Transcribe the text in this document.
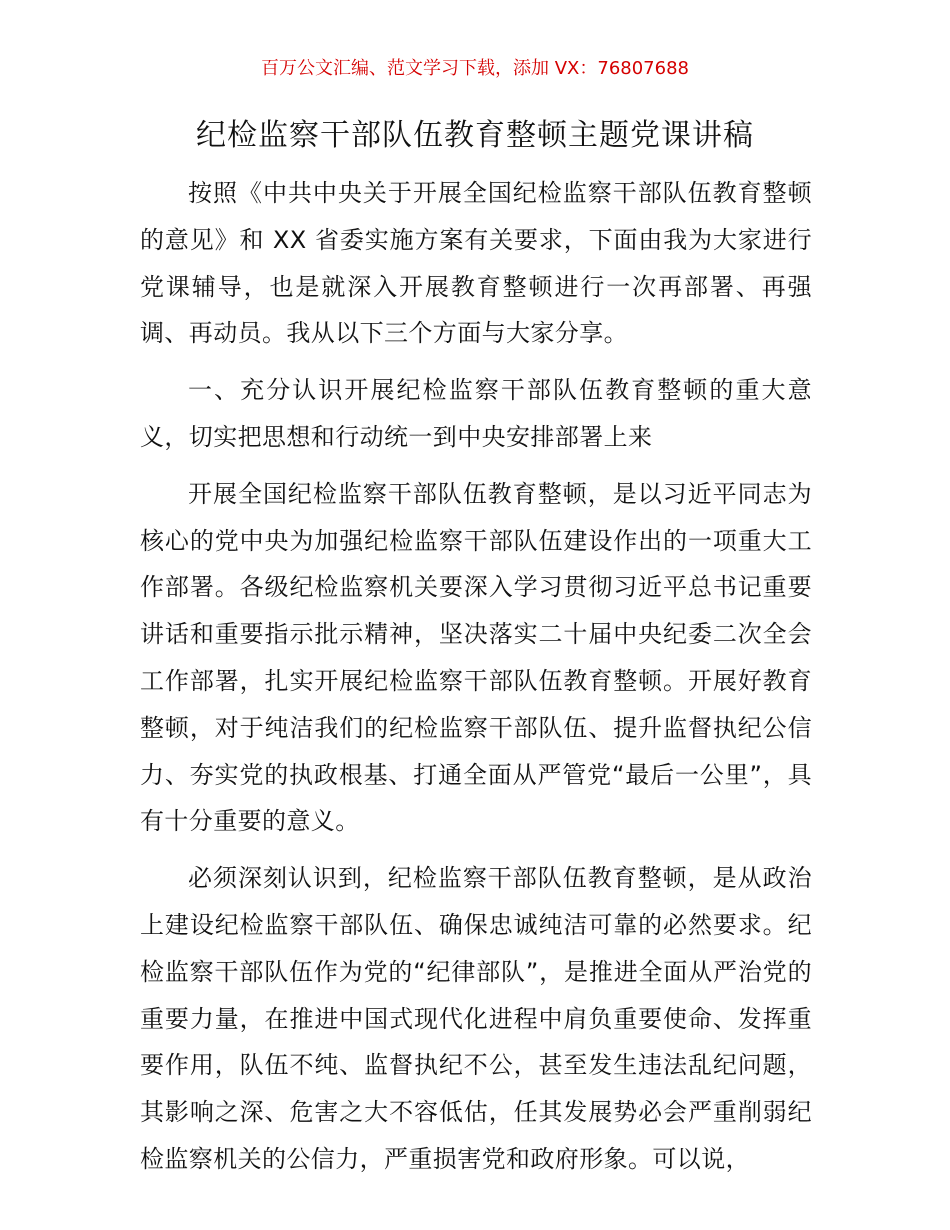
百万公文汇编、范文学习下载，添加 VX：76807688
纪检监察干部队伍教育整顿主题党课讲稿

按照《中共中央关于开展全国纪检监察干部队伍教育整顿的意见》和 XX 省委实施方案有关要求，下面由我为大家进行党课辅导，也是就深入开展教育整顿进行一次再部署、再强调、再动员。我从以下三个方面与大家分享。

一、充分认识开展纪检监察干部队伍教育整顿的重大意义，切实把思想和行动统一到中央安排部署上来

开展全国纪检监察干部队伍教育整顿，是以习近平同志为核心的党中央为加强纪检监察干部队伍建设作出的一项重大工作部署。各级纪检监察机关要深入学习贯彻习近平总书记重要讲话和重要指示批示精神，坚决落实二十届中央纪委二次全会工作部署，扎实开展纪检监察干部队伍教育整顿。开展好教育整顿，对于纯洁我们的纪检监察干部队伍、提升监督执纪公信力、夯实党的执政根基、打通全面从严管党“最后一公里”，具有十分重要的意义。

必须深刻认识到，纪检监察干部队伍教育整顿，是从政治上建设纪检监察干部队伍、确保忠诚纯洁可靠的必然要求。纪检监察干部队伍作为党的“纪律部队”，是推进全面从严治党的重要力量，在推进中国式现代化进程中肩负重要使命、发挥重要作用，队伍不纯、监督执纪不公，甚至发生违法乱纪问题，其影响之深、危害之大不容低估，任其发展势必会严重削弱纪检监察机关的公信力，严重损害党和政府形象。可以说，
